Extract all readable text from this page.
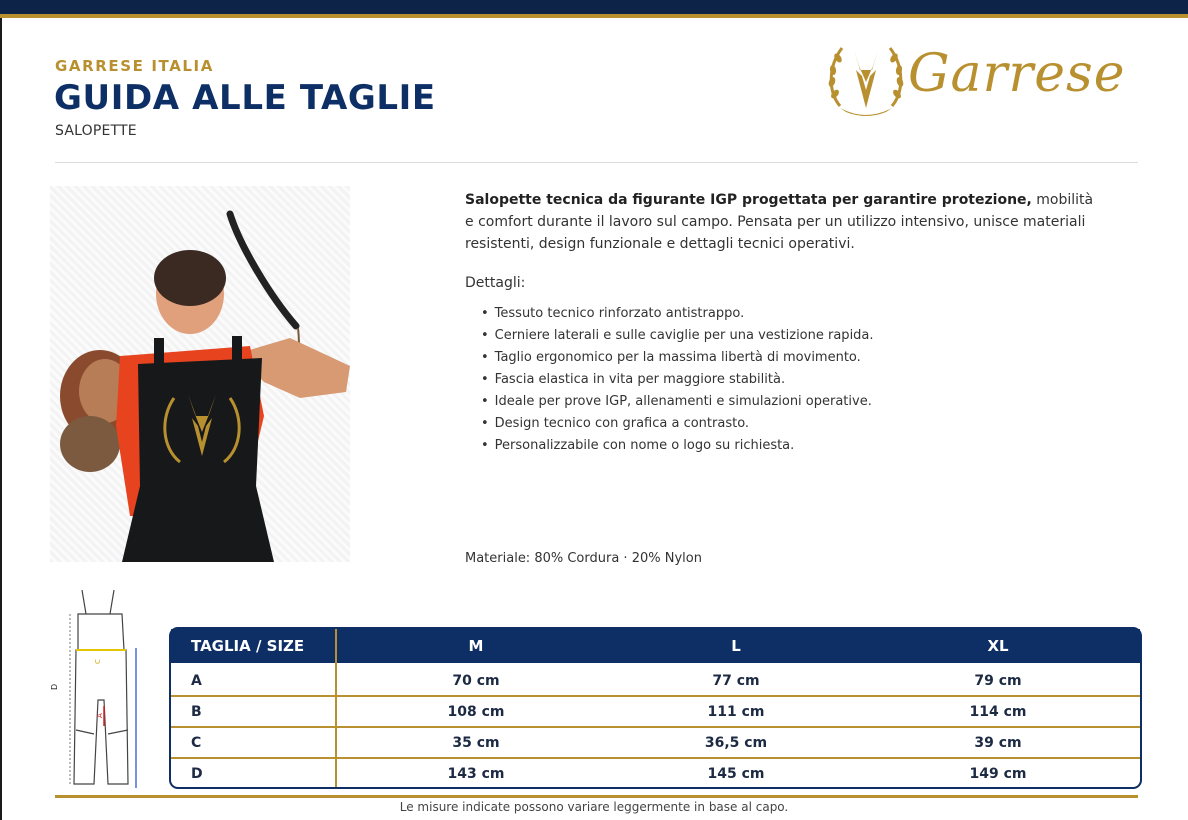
GARRESE ITALIA
GUIDA ALLE TAGLIE
SALOPETTE
Garrese
Salopette tecnica da figurante IGP progettata per garantire protezione, mobilità e comfort durante il lavoro sul campo. Pensata per un utilizzo intensivo, unisce materiali resistenti, design funzionale e dettagli tecnici operativi.
Dettagli:
• Tessuto tecnico rinforzato antistrappo.
• Cerniere laterali e sulle caviglie per una vestizione rapida.
• Taglio ergonomico per la massima libertà di movimento.
• Fascia elastica in vita per maggiore stabilità.
• Ideale per prove IGP, allenamenti e simulazioni operative.
• Design tecnico con grafica a contrasto.
• Personalizzabile con nome o logo su richiesta.
Materiale: 80% Cordura · 20% Nylon
D
C
A
TAGLIA / SIZE	M	L	XL
A	70 cm	77 cm	79 cm
B	108 cm	111 cm	114 cm
C	35 cm	36,5 cm	39 cm
D	143 cm	145 cm	149 cm
Le misure indicate possono variare leggermente in base al capo.
